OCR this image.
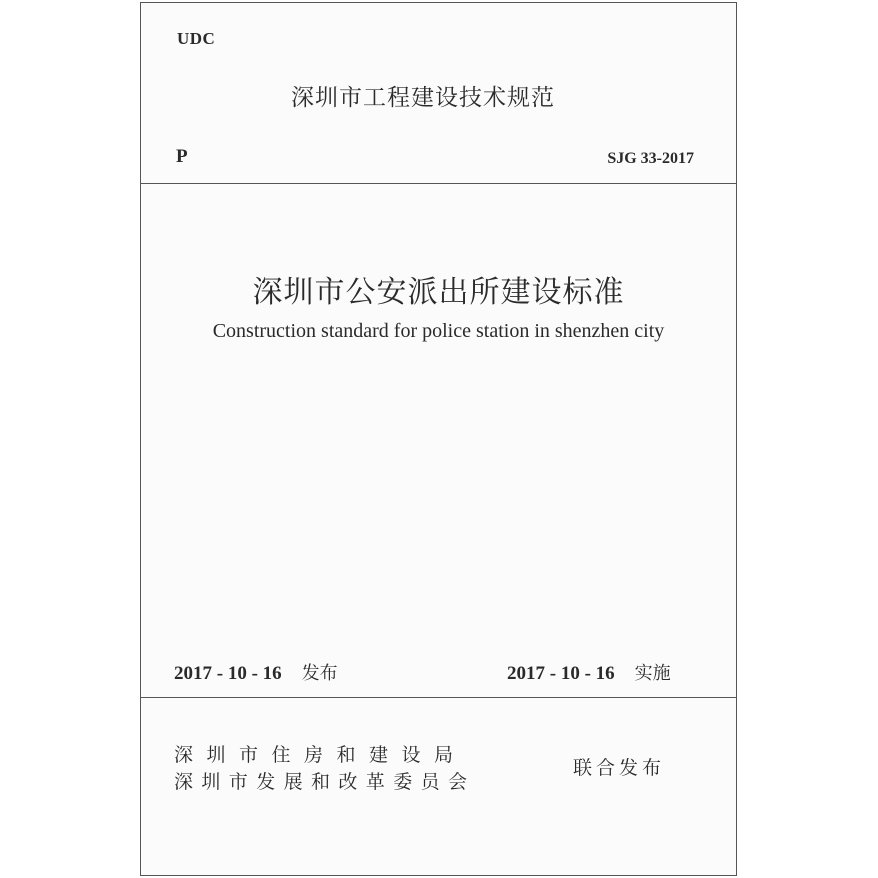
UDC
深圳市工程建设技术规范
P	SJG 33-2017
深圳市公安派出所建设标准
Construction standard for police station in shenzhen city
2017 - 10 - 16 发布	2017 - 10 - 16 实施
深圳市住房和建设局
深圳市发展和改革委员会
联合发布
